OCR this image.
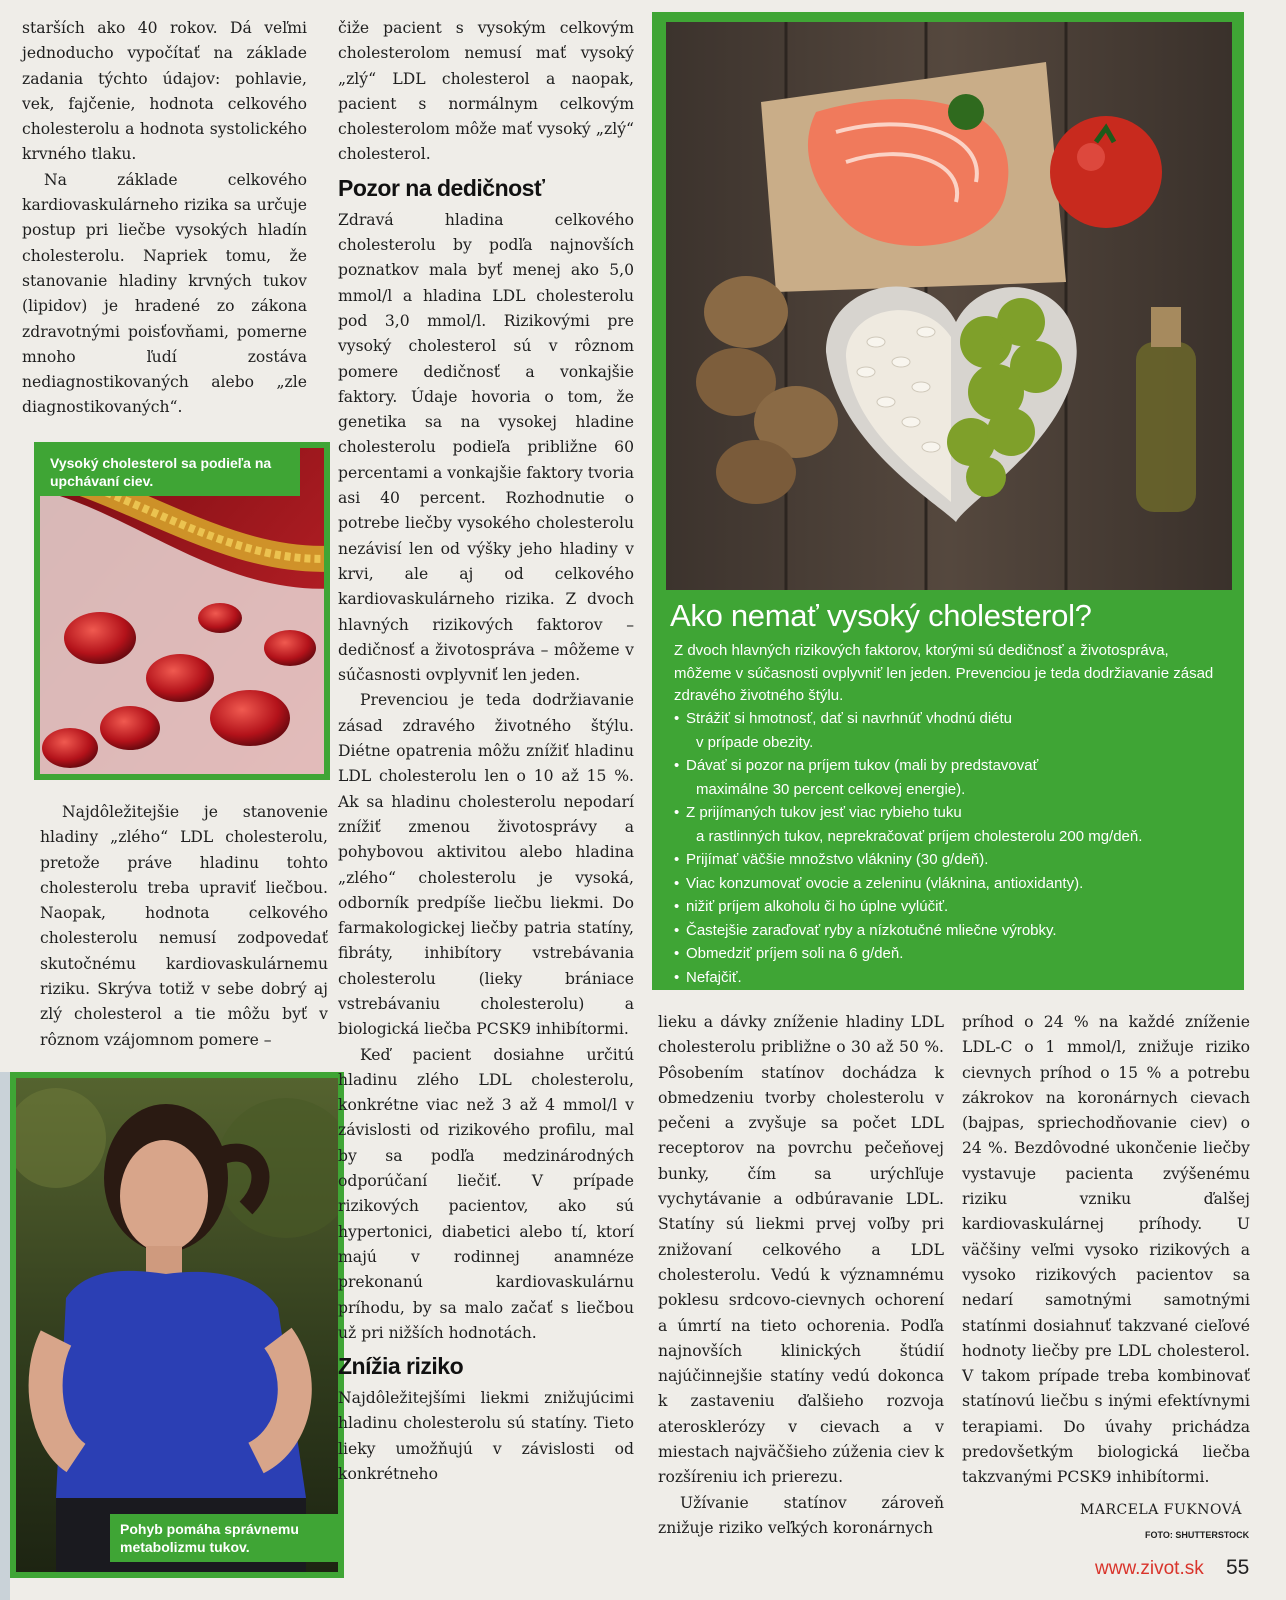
starších ako 40 rokov. Dá veľmi jednoducho vypočítať na základe zadania týchto údajov: pohlavie, vek, fajčenie, hodnota celkového cholesterolu a hodnota systolického krvného tlaku.

Na základe celkového kardiovaskulárneho rizika sa určuje postup pri liečbe vysokých hladín cholesterolu. Napriek tomu, že stanovanie hladiny krvných tukov (lipidov) je hradené zo zákona zdravotnými poisťovňami, pomerne mnoho ľudí zostáva nediagnostikovaných alebo „zle diagnostikovaných“.

Vysoký cholesterol sa podieľa na upchávaní ciev.

Najdôležitejšie je stanovenie hladiny „zlého“ LDL cholesterolu, pretože práve hladinu tohto cholesterolu treba upraviť liečbou. Naopak, hodnota celkového cholesterolu nemusí zodpovedať skutočnému kardiovaskulárnemu riziku. Skrýva totiž v sebe dobrý aj zlý cholesterol a tie môžu byť v rôznom vzájomnom pomere –

Pohyb pomáha správnemu metabolizmu tukov.

čiže pacient s vysokým celkovým cholesterolom nemusí mať vysoký „zlý“ LDL cholesterol a naopak, pacient s normálnym celkovým cholesterolom môže mať vysoký „zlý“ cholesterol.

Pozor na dedičnosť

Zdravá hladina celkového cholesterolu by podľa najnovších poznatkov mala byť menej ako 5,0 mmol/l a hladina LDL cholesterolu pod 3,0 mmol/l. Rizikovými pre vysoký cholesterol sú v rôznom pomere dedičnosť a vonkajšie faktory. Údaje hovoria o tom, že genetika sa na vysokej hladine cholesterolu podieľa približne 60 percentami a vonkajšie faktory tvoria asi 40 percent. Rozhodnutie o potrebe liečby vysokého cholesterolu nezávisí len od výšky jeho hladiny v krvi, ale aj od celkového kardiovaskulárneho rizika. Z dvoch hlavných rizikových faktorov – dedičnosť a životospráva – môžeme v súčasnosti ovplyvniť len jeden.

Prevenciou je teda dodržiavanie zásad zdravého životného štýlu. Diétne opatrenia môžu znížiť hladinu LDL cholesterolu len o 10 až 15 %. Ak sa hladinu cholesterolu nepodarí znížiť zmenou životosprávy a pohybovou aktivitou alebo hladina „zlého“ cholesterolu je vysoká, odborník predpíše liečbu liekmi. Do farmakologickej liečby patria statíny, fibráty, inhibítory vstrebávania cholesterolu (lieky brániace vstrebávaniu cholesterolu) a biologická liečba PCSK9 inhibítormi.

Keď pacient dosiahne určitú hladinu zlého LDL cholesterolu, konkrétne viac než 3 až 4 mmol/l v závislosti od rizikového profilu, mal by sa podľa medzinárodných odporúčaní liečiť. V prípade rizikových pacientov, ako sú hypertonici, diabetici alebo tí, ktorí majú v rodinnej anamnéze prekonanú kardiovaskulárnu príhodu, by sa malo začať s liečbou už pri nižších hodnotách.

Znížia riziko

Najdôležitejšími liekmi znižujúcimi hladinu cholesterolu sú statíny. Tieto lieky umožňujú v závislosti od konkrétneho

Ako nemať vysoký cholesterol?
Z dvoch hlavných rizikových faktorov, ktorými sú dedičnosť a životospráva, môžeme v súčasnosti ovplyvniť len jeden. Prevenciou je teda dodržiavanie zásad zdravého životného štýlu.
• Strážiť si hmotnosť, dať si navrhnúť vhodnú diétu
v prípade obezity.
• Dávať si pozor na príjem tukov (mali by predstavovať
maximálne 30 percent celkovej energie).
• Z prijímaných tukov jesť viac rybieho tuku
a rastlinných tukov, neprekračovať príjem cholesterolu 200 mg/deň.
• Prijímať väčšie množstvo vlákniny (30 g/deň).
• Viac konzumovať ovocie a zeleninu (vláknina, antioxidanty).
• nižiť príjem alkoholu či ho úplne vylúčiť.
• Častejšie zaraďovať ryby a nízkotučné mliečne výrobky.
• Obmedziť príjem soli na 6 g/deň.
• Nefajčiť.

lieku a dávky zníženie hladiny LDL cholesterolu približne o 30 až 50 %. Pôsobením statínov dochádza k obmedzeniu tvorby cholesterolu v pečeni a zvyšuje sa počet LDL receptorov na povrchu pečeňovej bunky, čím sa urýchľuje vychytávanie a odbúravanie LDL. Statíny sú liekmi prvej voľby pri znižovaní celkového a LDL cholesterolu. Vedú k významnému poklesu srdcovo-cievnych ochorení a úmrtí na tieto ochorenia. Podľa najnovších klinických štúdií najúčinnejšie statíny vedú dokonca k zastaveniu ďalšieho rozvoja aterosklerózy v cievach a v miestach najväčšieho zúženia ciev k rozšíreniu ich prierezu.

Užívanie statínov zároveň znižuje riziko veľkých koronárnych

príhod o 24 % na každé zníženie LDL-C o 1 mmol/l, znižuje riziko cievnych príhod o 15 % a potrebu zákrokov na koronárnych cievach (bajpas, spriechodňovanie ciev) o 24 %. Bezdôvodné ukončenie liečby vystavuje pacienta zvýšenému riziku vzniku ďalšej kardiovaskulárnej príhody. U väčšiny veľmi vysoko rizikových a vysoko rizikových pacientov sa nedarí samotnými samotnými statínmi dosiahnuť takzvané cieľové hodnoty liečby pre LDL cholesterol. V takom prípade treba kombinovať statínovú liečbu s inými efektívnymi terapiami. Do úvahy prichádza predovšetkým biologická liečba takzvanými PCSK9 inhibítormi.

MARCELA FUKNOVÁ
FOTO: SHUTTERSTOCK
www.zivot.sk 55
